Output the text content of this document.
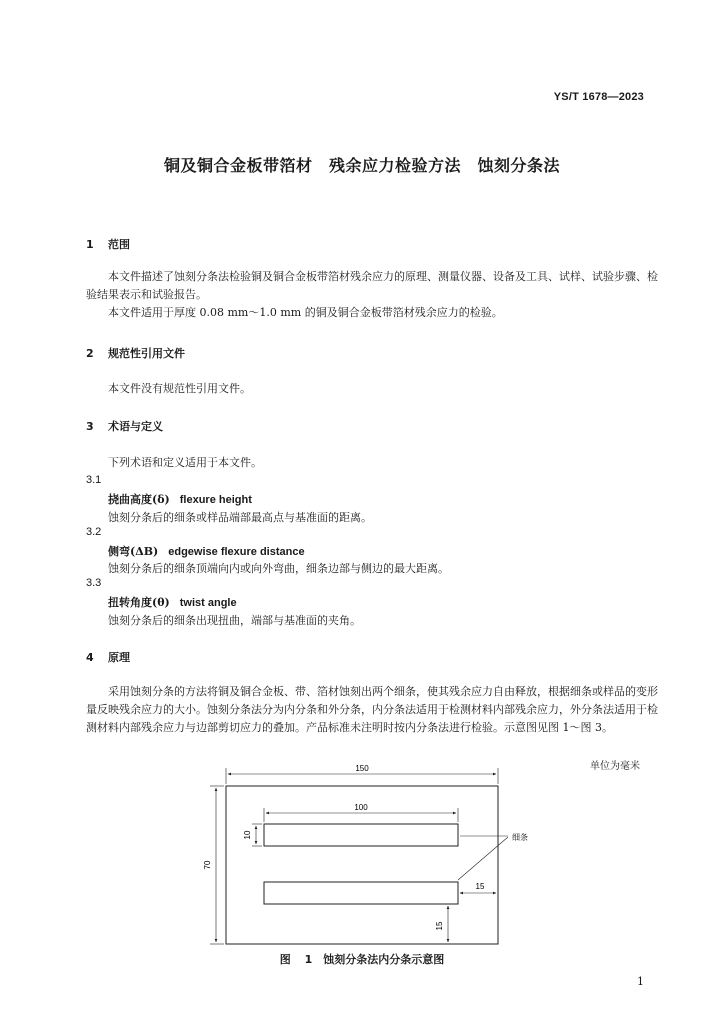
YS/T 1678—2023
铜及铜合金板带箔材　残余应力检验方法　蚀刻分条法
1 范围
本文件描述了蚀刻分条法检验铜及铜合金板带箔材残余应力的原理、测量仪器、设备及工具、试样、试验步骤、检验结果表示和试验报告。
本文件适用于厚度 0.08 mm～1.0 mm 的铜及铜合金板带箔材残余应力的检验。
2 规范性引用文件
本文件没有规范性引用文件。
3 术语与定义
下列术语和定义适用于本文件。
3.1
挠曲高度(δ) flexure height
蚀刻分条后的细条或样品端部最高点与基准面的距离。
3.2
侧弯(ΔB) edgewise flexure distance
蚀刻分条后的细条顶端向内或向外弯曲，细条边部与侧边的最大距离。
3.3
扭转角度(θ) twist angle
蚀刻分条后的细条出现扭曲，端部与基准面的夹角。
4 原理
采用蚀刻分条的方法将铜及铜合金板、带、箔材蚀刻出两个细条，使其残余应力自由释放，根据细条或样品的变形量反映残余应力的大小。蚀刻分条法分为内分条和外分条，内分条法适用于检测材料内部残余应力，外分条法适用于检测材料内部残余应力与边部剪切应力的叠加。产品标准未注明时按内分条法进行检验。示意图见图 1～图 3。
单位为毫米
150
100
10
70
15
15
细条
图 1　蚀刻分条法内分条示意图
1
